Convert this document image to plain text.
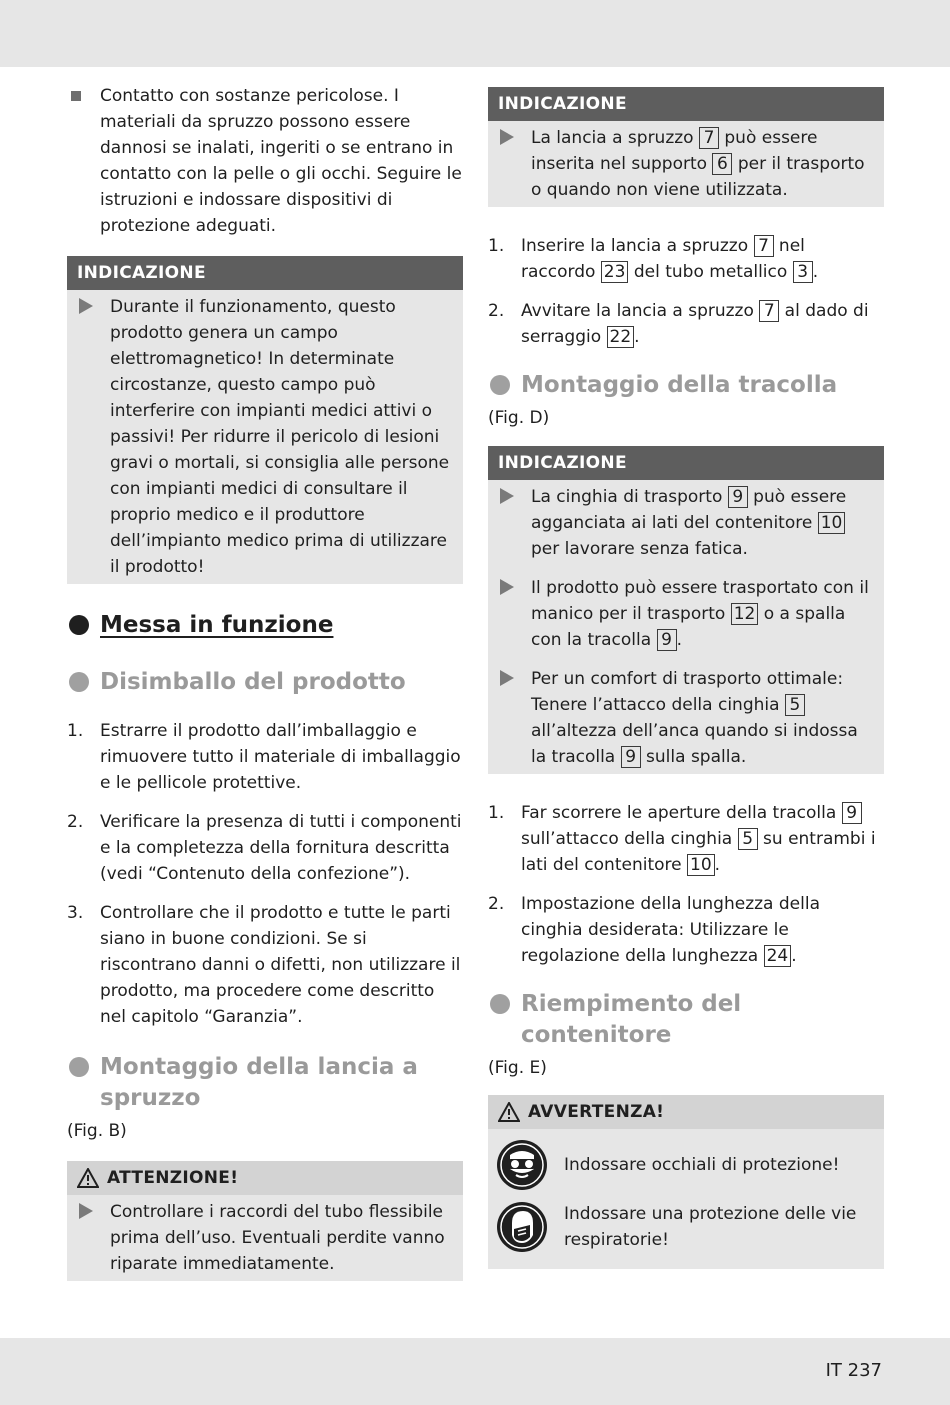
Contatto con sostanze pericolose. I materiali da spruzzo possono essere dannosi se inalati, ingeriti o se entrano in contatto con la pelle o gli occhi. Seguire le istruzioni e indossare dispositivi di protezione adeguati.
INDICAZIONE
Durante il funzionamento, questo prodotto genera un campo elettromagnetico! In determinate circostanze, questo campo può interferire con impianti medici attivi o passivi! Per ridurre il pericolo di lesioni gravi o mortali, si consiglia alle persone con impianti medici di consultare il proprio medico e il produttore dell’impianto medico prima di utilizzare il prodotto!
Messa in funzione
Disimballo del prodotto
1. Estrarre il prodotto dall’imballaggio e rimuovere tutto il materiale di imballaggio e le pellicole protettive.
2. Verificare la presenza di tutti i componenti e la completezza della fornitura descritta (vedi “Contenuto della confezione”).
3. Controllare che il prodotto e tutte le parti siano in buone condizioni. Se si riscontrano danni o difetti, non utilizzare il prodotto, ma procedere come descritto nel capitolo “Garanzia”.
Montaggio della lancia a spruzzo
(Fig. B)
ATTENZIONE!
Controllare i raccordi del tubo flessibile prima dell’uso. Eventuali perdite vanno riparate immediatamente.
INDICAZIONE
La lancia a spruzzo 7 può essere inserita nel supporto 6 per il trasporto o quando non viene utilizzata.
1. Inserire la lancia a spruzzo 7 nel raccordo 23 del tubo metallico 3 .
2. Avvitare la lancia a spruzzo 7 al dado di serraggio 22 .
Montaggio della tracolla
(Fig. D)
INDICAZIONE
La cinghia di trasporto 9 può essere agganciata ai lati del contenitore 10 per lavorare senza fatica.
Il prodotto può essere trasportato con il manico per il trasporto 12 o a spalla con la tracolla 9 .
Per un comfort di trasporto ottimale: Tenere l’attacco della cinghia 5 all’altezza dell’anca quando si indossa la tracolla 9 sulla spalla.
1. Far scorrere le aperture della tracolla 9 sull’attacco della cinghia 5 su entrambi i lati del contenitore 10 .
2. Impostazione della lunghezza della cinghia desiderata: Utilizzare le regolazione della lunghezza 24 .
Riempimento del contenitore
(Fig. E)
AVVERTENZA!
Indossare occhiali di protezione!
Indossare una protezione delle vie respiratorie!
IT 237
